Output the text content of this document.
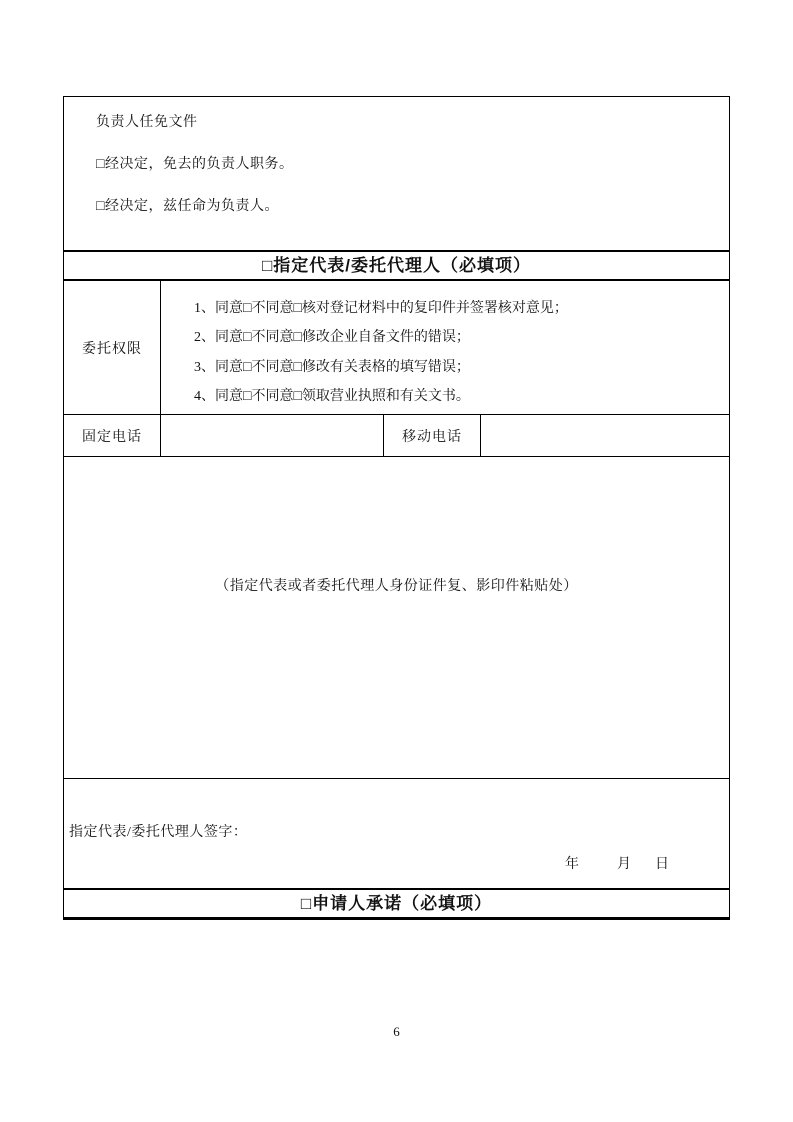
负责人任免文件
□经决定，免去的负责人职务。
□经决定，兹任命为负责人。
□指定代表/委托代理人（必填项）
委托权限
1、同意□不同意□核对登记材料中的复印件并签署核对意见；
2、同意□不同意□修改企业自备文件的错误；
3、同意□不同意□修改有关表格的填写错误；
4、同意□不同意□领取营业执照和有关文书。
固定电话	移动电话
（指定代表或者委托代理人身份证件复、影印件粘贴处）
指定代表/委托代理人签字：
年	月 日
□申请人承诺（必填项）
6
